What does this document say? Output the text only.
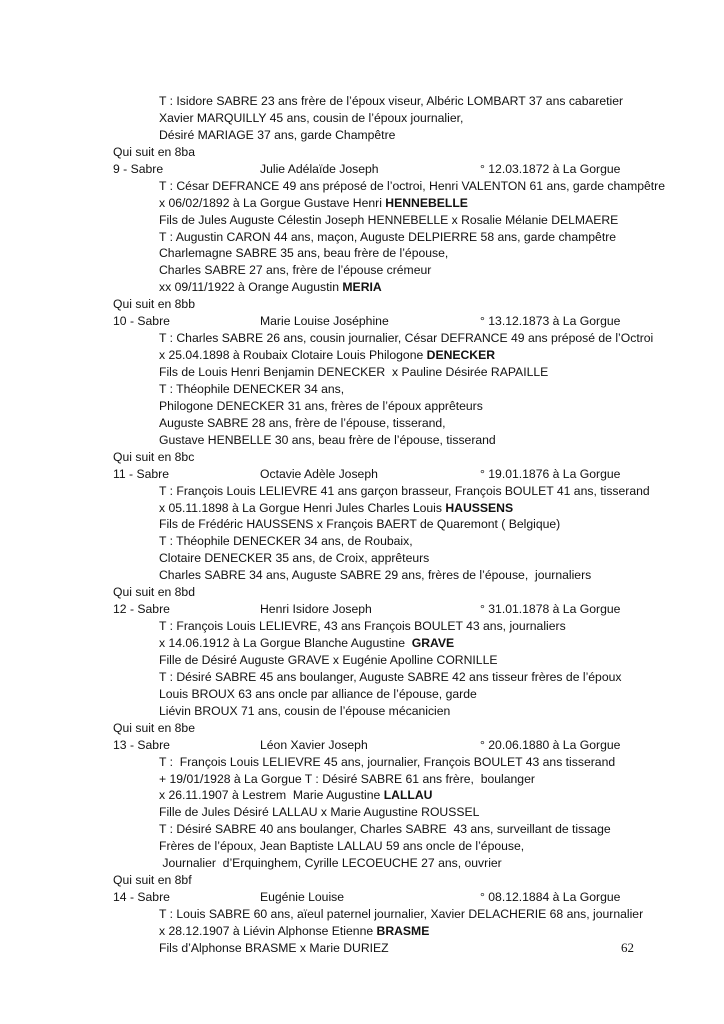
T : Isidore SABRE 23 ans frère de l’époux viseur, Albéric LOMBART 37 ans cabaretier
Xavier MARQUILLY 45 ans, cousin de l’époux journalier,
Désiré MARIAGE 37 ans, garde Champêtre
Qui suit en 8ba
9 - Sabre	Julie Adélaïde Joseph	° 12.03.1872 à La Gorgue
T : César DEFRANCE 49 ans préposé de l’octroi, Henri VALENTON 61 ans, garde champêtre
x 06/02/1892 à La Gorgue Gustave Henri HENNEBELLE
Fils de Jules Auguste Célestin Joseph HENNEBELLE x Rosalie Mélanie DELMAERE
T : Augustin CARON 44 ans, maçon, Auguste DELPIERRE 58 ans, garde champêtre
Charlemagne SABRE 35 ans, beau frère de l’épouse,
Charles SABRE 27 ans, frère de l’épouse crémeur
xx 09/11/1922 à Orange Augustin MERIA
Qui suit en 8bb
10 - Sabre	Marie Louise Joséphine	° 13.12.1873 à La Gorgue
T : Charles SABRE 26 ans, cousin journalier, César DEFRANCE 49 ans préposé de l’Octroi
x 25.04.1898 à Roubaix Clotaire Louis Philogone DENECKER
Fils de Louis Henri Benjamin DENECKER  x Pauline Désirée RAPAILLE
T : Théophile DENECKER 34 ans,
Philogone DENECKER 31 ans, frères de l’époux apprêteurs
Auguste SABRE 28 ans, frère de l’épouse, tisserand,
Gustave HENBELLE 30 ans, beau frère de l’épouse, tisserand
Qui suit en 8bc
11 - Sabre	Octavie Adèle Joseph	° 19.01.1876 à La Gorgue
T : François Louis LELIEVRE 41 ans garçon brasseur, François BOULET 41 ans, tisserand
x 05.11.1898 à La Gorgue Henri Jules Charles Louis HAUSSENS
Fils de Frédéric HAUSSENS x François BAERT de Quaremont ( Belgique)
T : Théophile DENECKER 34 ans, de Roubaix,
Clotaire DENECKER 35 ans, de Croix, apprêteurs
Charles SABRE 34 ans, Auguste SABRE 29 ans, frères de l’épouse,  journaliers
Qui suit en 8bd
12 - Sabre	Henri Isidore Joseph	° 31.01.1878 à La Gorgue
T : François Louis LELIEVRE, 43 ans François BOULET 43 ans, journaliers
x 14.06.1912 à La Gorgue Blanche Augustine  GRAVE
Fille de Désiré Auguste GRAVE x Eugénie Apolline CORNILLE
T : Désiré SABRE 45 ans boulanger, Auguste SABRE 42 ans tisseur frères de l’époux
Louis BROUX 63 ans oncle par alliance de l’épouse, garde
Liévin BROUX 71 ans, cousin de l’épouse mécanicien
Qui suit en 8be
13 - Sabre	Léon Xavier Joseph	° 20.06.1880 à La Gorgue
T :  François Louis LELIEVRE 45 ans, journalier, François BOULET 43 ans tisserand
+ 19/01/1928 à La Gorgue T : Désiré SABRE 61 ans frère,  boulanger
x 26.11.1907 à Lestrem  Marie Augustine LALLAU
Fille de Jules Désiré LALLAU x Marie Augustine ROUSSEL
T : Désiré SABRE 40 ans boulanger, Charles SABRE  43 ans, surveillant de tissage
Frères de l’époux, Jean Baptiste LALLAU 59 ans oncle de l’épouse,
Journalier  d’Erquinghem, Cyrille LECOEUCHE 27 ans, ouvrier
Qui suit en 8bf
14 - Sabre	Eugénie Louise	° 08.12.1884 à La Gorgue
T : Louis SABRE 60 ans, aïeul paternel journalier, Xavier DELACHERIE 68 ans, journalier
x 28.12.1907 à Liévin Alphonse Etienne BRASME
Fils d’Alphonse BRASME x Marie DURIEZ	62
